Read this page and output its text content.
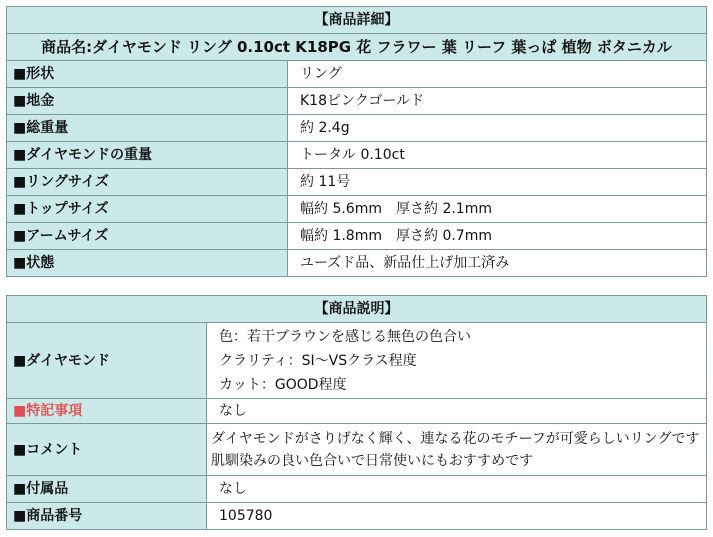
【商品詳細】	
商品名:ダイヤモンド リング 0.10ct K18PG 花 フラワー 葉 リーフ 葉っぱ 植物 ボタニカル	
■形状	リング
■地金	K18ピンクゴールド
■総重量	約 2.4g
■ダイヤモンドの重量	トータル 0.10ct
■リングサイズ	約 11号
■トップサイズ	幅約 5.6mm　厚さ約 2.1mm
■アームサイズ	幅約 1.8mm　厚さ約 0.7mm
■状態	ユーズド品、新品仕上げ加工済み
【商品説明】	
■ダイヤモンド	色：若干ブラウンを感じる無色の色合い
クラリティ：SI～VSクラス程度
カット：GOOD程度

■特記事項	なし
■コメント	ダイヤモンドがさりげなく輝く、連なる花のモチーフが可愛らしいリングです
肌馴染みの良い色合いで日常使いにもおすすめです

■付属品	なし
■商品番号	105780
